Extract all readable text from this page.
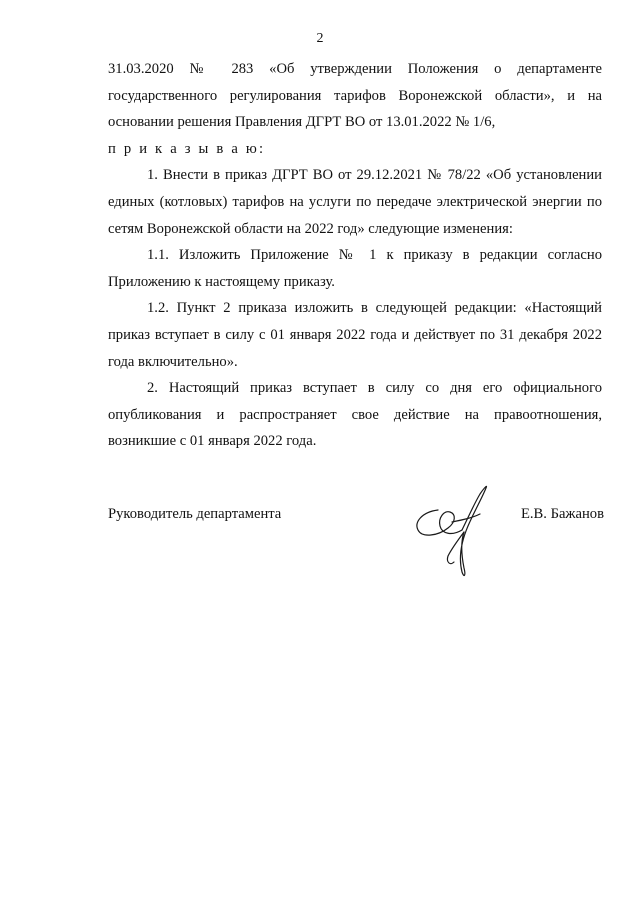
2

31.03.2020 № 283 «Об утверждении Положения о департаменте государственного регулирования тарифов Воронежской области», и на основании решения Правления ДГРТ ВО от 13.01.2022 № 1/6,

п р и к а з ы в а ю:

1. Внести в приказ ДГРТ ВО от 29.12.2021 № 78/22 «Об установлении единых (котловых) тарифов на услуги по передаче электрической энергии по сетям Воронежской области на 2022 год» следующие изменения:

1.1. Изложить Приложение № 1 к приказу в редакции согласно Приложению к настоящему приказу.

1.2. Пункт 2 приказа изложить в следующей редакции: «Настоящий приказ вступает в силу с 01 января 2022 года и действует по 31 декабря 2022 года включительно».

2. Настоящий приказ вступает в силу со дня его официального опубликования и распространяет свое действие на правоотношения, возникшие с 01 января 2022 года.

Руководитель департамента	Е.В. Бажанов
